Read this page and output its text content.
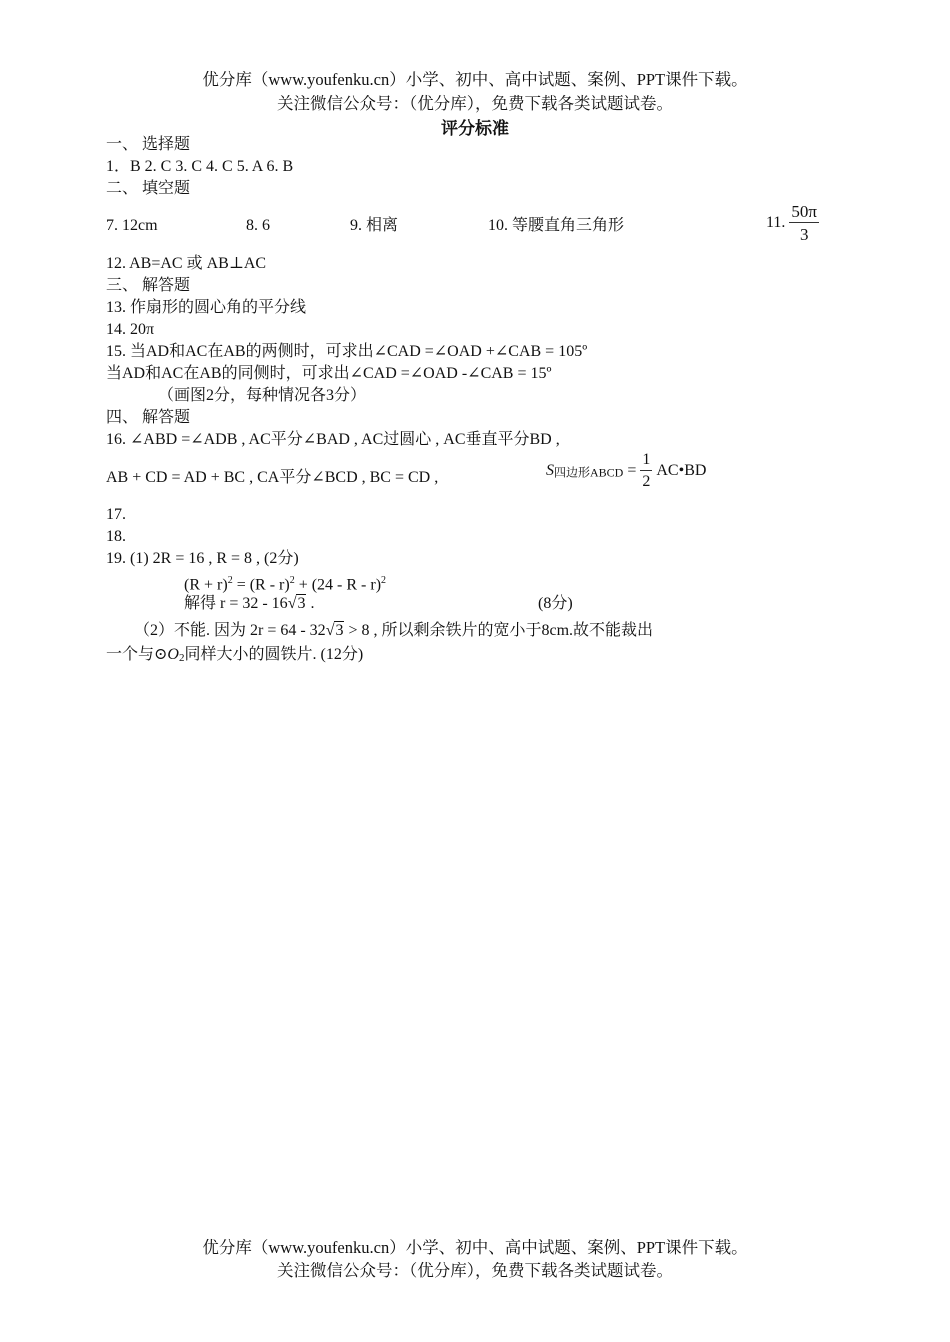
优分库（www.youfenku.cn）小学、初中、高中试题、案例、PPT课件下载。
关注微信公众号：（优分库），免费下载各类试题试卷。
评分标准
一、 选择题
1．B 2. C 3. C 4. C 5. A 6. B
二、 填空题
7. 12cm	8. 6	9. 相离	10. 等腰直角三角形	11. $\frac{50\pi}{3}$
12. AB=AC 或 AB⊥AC
三、 解答题
13. 作扇形的圆心角的平分线
14. 20π
15. 当AD和AC在AB的两侧时，可求出∠CAD =∠OAD +∠CAB = 105º
当AD和AC在AB的同侧时，可求出∠CAD =∠OAD -∠CAB = 15º
（画图2分，每种情况各3分）
四、 解答题
16. ∠ABD =∠ADB , AC平分∠BAD , AC过圆心 , AC垂直平分BD ,
AB + CD = AD + BC , CA平分∠BCD , BC = CD ,	S四边形ABCD = $\frac{1}{2}$ AC•BD
17.
18.
19. (1) 2R = 16 , R = 8 , (2分)
$(R + r)^2 = (R - r)^2 + (24 - R - r)^2$
解得 r = 32 - 16√3 .	(8分)
（2）不能. 因为 2r = 64 - 32√3 > 8 , 所以剩余铁片的宽小于8cm.故不能裁出
一个与⊙O2同样大小的圆铁片. (12分)
优分库（www.youfenku.cn）小学、初中、高中试题、案例、PPT课件下载。
关注微信公众号：（优分库），免费下载各类试题试卷。
